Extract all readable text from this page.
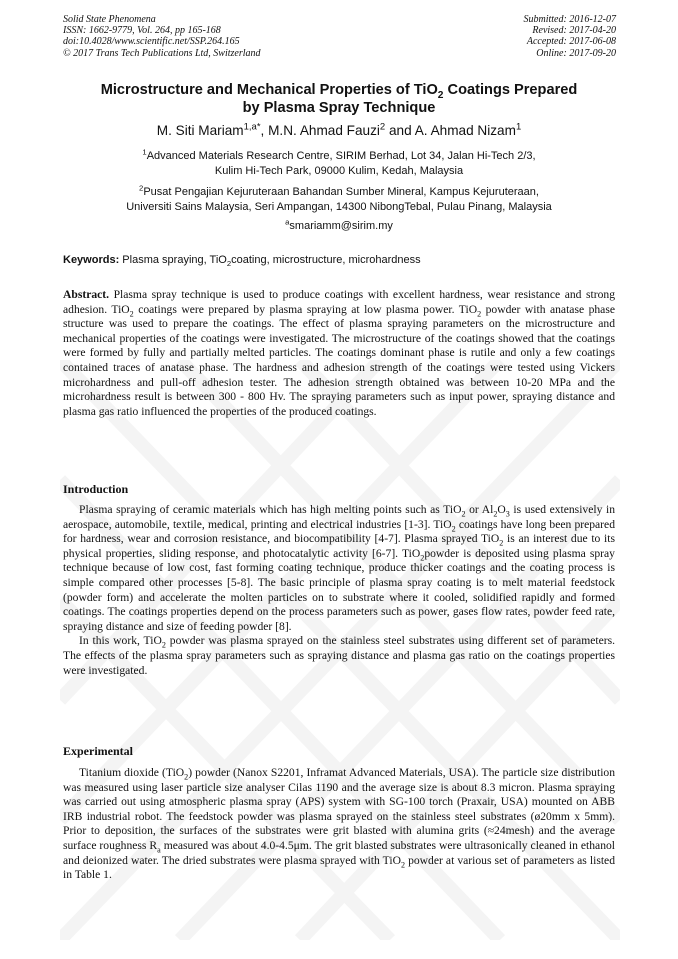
Solid State Phenomena
ISSN: 1662-9779, Vol. 264, pp 165-168
doi:10.4028/www.scientific.net/SSP.264.165
© 2017 Trans Tech Publications Ltd, Switzerland
Submitted: 2016-12-07
Revised: 2017-04-20
Accepted: 2017-06-08
Online: 2017-09-20
Microstructure and Mechanical Properties of TiO$_2$ Coatings Prepared
by Plasma Spray Technique
M. Siti Mariam$^{1,a*}$, M.N. Ahmad Fauzi$^2$ and A. Ahmad Nizam$^1$
$^1$Advanced Materials Research Centre, SIRIM Berhad, Lot 34, Jalan Hi-Tech 2/3,
Kulim Hi-Tech Park, 09000 Kulim, Kedah, Malaysia
$^2$Pusat Pengajian Kejuruteraan Bahandan Sumber Mineral, Kampus Kejuruteraan,
Universiti Sains Malaysia, Seri Ampangan, 14300 NibongTebal, Pulau Pinang, Malaysia
$^a$smariamm@sirim.my
Keywords: Plasma spraying, TiO$_2$coating, microstructure, microhardness
Abstract. Plasma spray technique is used to produce coatings with excellent hardness, wear resistance and strong adhesion. TiO$_2$ coatings were prepared by plasma spraying at low plasma power. TiO$_2$ powder with anatase phase structure was used to prepare the coatings. The effect of plasma spraying parameters on the microstructure and mechanical properties of the coatings were investigated. The microstructure of the coatings showed that the coatings were formed by fully and partially melted particles. The coatings dominant phase is rutile and only a few coatings contained traces of anatase phase. The hardness and adhesion strength of the coatings were tested using Vickers microhardness and pull-off adhesion tester. The adhesion strength obtained was between 10-20 MPa and the microhardness result is between 300 - 800 Hv. The spraying parameters such as input power, spraying distance and plasma gas ratio influenced the properties of the produced coatings.
Introduction

Plasma spraying of ceramic materials which has high melting points such as TiO$_2$ or $Al_2O_3$ is used extensively in aerospace, automobile, textile, medical, printing and electrical industries [1-3]. TiO$_2$ coatings have long been prepared for hardness, wear and corrosion resistance, and biocompatibility [4-7]. Plasma sprayed TiO$_2$ is an interest due to its physical properties, sliding response, and photocatalytic activity [6-7]. TiO$_2$powder is deposited using plasma spray technique because of low cost, fast forming coating technique, produce thicker coatings and the coating process is simple compared other processes [5-8]. The basic principle of plasma spray coating is to melt material feedstock (powder form) and accelerate the molten particles on to substrate where it cooled, solidified rapidly and formed coatings. The coatings properties depend on the process parameters such as power, gases flow rates, powder feed rate, spraying distance and size of feeding powder [8].

In this work, TiO$_2$ powder was plasma sprayed on the stainless steel substrates using different set of parameters. The effects of the plasma spray parameters such as spraying distance and plasma gas ratio on the coatings properties were investigated.

Experimental

Titanium dioxide (TiO$_2$) powder (Nanox S2201, Inframat Advanced Materials, USA). The particle size distribution was measured using laser particle size analyser Cilas 1190 and the average size is about 8.3 micron. Plasma spraying was carried out using atmospheric plasma spray (APS) system with SG-100 torch (Praxair, USA) mounted on ABB IRB industrial robot. The feedstock powder was plasma sprayed on the stainless steel substrates (ø20mm x 5mm). Prior to deposition, the surfaces of the substrates were grit blasted with alumina grits (≈24mesh) and the average surface roughness $R_a$ measured was about 4.0-4.5μm. The grit blasted substrates were ultrasonically cleaned in ethanol and deionized water. The dried substrates were plasma sprayed with TiO$_2$ powder at various set of parameters as listed in Table 1.
